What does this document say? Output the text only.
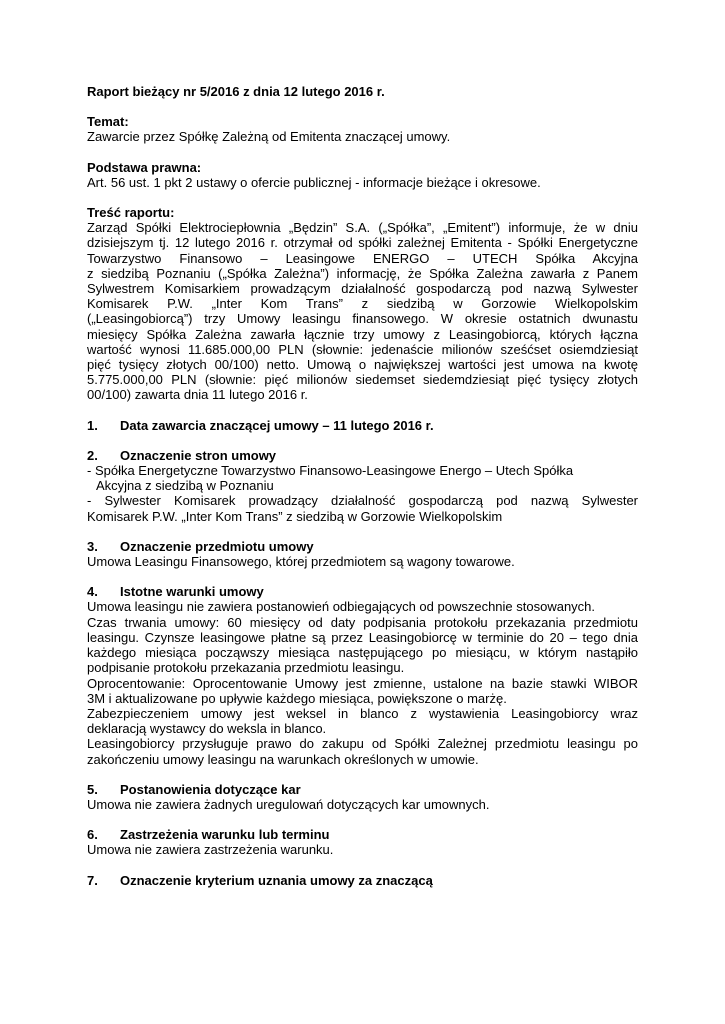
Raport bieżący nr 5/2016 z dnia 12 lutego 2016 r.

Temat:

Zawarcie przez Spółkę Zależną od Emitenta znaczącej umowy.

Podstawa prawna:

Art. 56 ust. 1 pkt 2 ustawy o ofercie publicznej - informacje bieżące i okresowe.

Treść raportu:

Zarząd Spółki Elektrociepłownia „Będzin” S.A. („Spółka”, „Emitent”) informuje, że w dniu

dzisiejszym tj. 12 lutego 2016 r. otrzymał od spółki zależnej Emitenta - Spółki Energetyczne

Towarzystwo Finansowo – Leasingowe ENERGO – UTECH Spółka Akcyjna

z siedzibą Poznaniu („Spółka Zależna”) informację, że Spółka Zależna zawarła z Panem

Sylwestrem Komisarkiem prowadzącym działalność gospodarczą pod nazwą Sylwester

Komisarek P.W. „Inter Kom Trans” z siedzibą w Gorzowie Wielkopolskim

(„Leasingobiorcą”) trzy Umowy leasingu finansowego. W okresie ostatnich dwunastu

miesięcy Spółka Zależna zawarła łącznie trzy umowy z Leasingobiorcą, których łączna

wartość wynosi 11.685.000,00 PLN (słownie: jedenaście milionów sześćset osiemdziesiąt

pięć tysięcy złotych 00/100) netto. Umową o największej wartości jest umowa na kwotę

5.775.000,00 PLN (słownie: pięć milionów siedemset siedemdziesiąt pięć tysięcy złotych

00/100) zawarta dnia 11 lutego 2016 r.

1.	Data zawarcia znaczącej umowy – 11 lutego 2016 r.
2.	Oznaczenie stron umowy

- Spółka Energetyczne Towarzystwo Finansowo-Leasingowe Energo – Utech Spółka

Akcyjna z siedzibą w Poznaniu

- Sylwester Komisarek prowadzący działalność gospodarczą pod nazwą Sylwester

Komisarek P.W. „Inter Kom Trans” z siedzibą w Gorzowie Wielkopolskim

3.	Oznaczenie przedmiotu umowy

Umowa Leasingu Finansowego, której przedmiotem są wagony towarowe.

4.	Istotne warunki umowy

Umowa leasingu nie zawiera postanowień odbiegających od powszechnie stosowanych.

Czas trwania umowy: 60 miesięcy od daty podpisania protokołu przekazania przedmiotu

leasingu. Czynsze leasingowe płatne są przez Leasingobiorcę w terminie do 20 – tego dnia

każdego miesiąca począwszy miesiąca następującego po miesiącu, w którym nastąpiło

podpisanie protokołu przekazania przedmiotu leasingu.

Oprocentowanie: Oprocentowanie Umowy jest zmienne, ustalone na bazie stawki WIBOR

3M i aktualizowane po upływie każdego miesiąca, powiększone o marżę.

Zabezpieczeniem umowy jest weksel in blanco z wystawienia Leasingobiorcy wraz

deklaracją wystawcy do weksla in blanco.

Leasingobiorcy przysługuje prawo do zakupu od Spółki Zależnej przedmiotu leasingu po

zakończeniu umowy leasingu na warunkach określonych w umowie.

5.	Postanowienia dotyczące kar

Umowa nie zawiera żadnych uregulowań dotyczących kar umownych.

6.	Zastrzeżenia warunku lub terminu

Umowa nie zawiera zastrzeżenia warunku.

7.	Oznaczenie kryterium uznania umowy za znaczącą
